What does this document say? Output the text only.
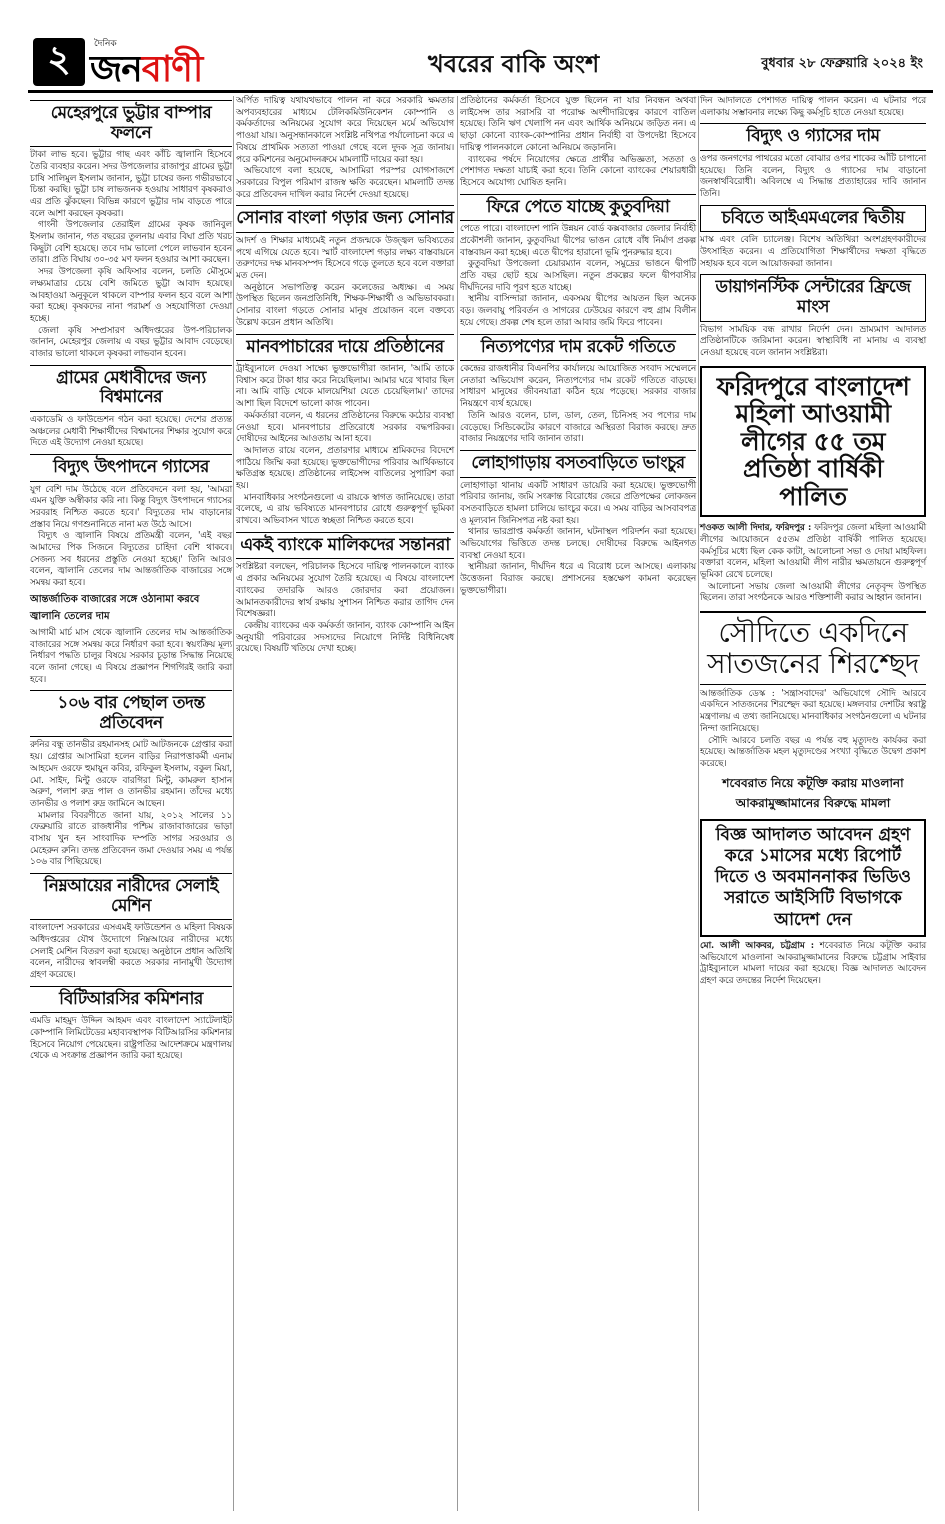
২	দৈনিক
জনবাণী	খবরের বাকি অংশ	বুধবার ২৮ ফেব্রুয়ারি ২০২৪ ইং
মেহেরপুরে ভুট্টার বাম্পার ফলনে

টাকা লাভ হবে। ভুট্টার গাছ এবং কাঁচি জ্বালানি হিসেবে তৈরি ব্যবহার করেন। সদর উপজেলার রাজাপুর গ্রামের ভুট্টা চাষি সালিমুল ইসলাম জানান, ভুট্টা চাষের জন্য গভীরভাবে চিন্তা করছি। ভুট্টা চাষ লাভজনক হওয়ায় সাধারণ কৃষকরাও এর প্রতি ঝুঁকছেন। বিভিন্ন কারণে ভুট্টার দাম বাড়তে পারে বলে আশা করছেন কৃষকরা।

গাংনী উপজেলার তেরাইল গ্রামের কৃষক জানিবুল ইসলাম জানান, গত বছরের তুলনায় এবার বিঘা প্রতি খরচ কিছুটা বেশি হয়েছে। তবে দাম ভালো পেলে লাভবান হবেন তারা। প্রতি বিঘায় ৩০-৩৫ মণ ফলন হওয়ার আশা করছেন।

সদর উপজেলা কৃষি অফিসার বলেন, চলতি মৌসুমে লক্ষ্যমাত্রার চেয়ে বেশি জমিতে ভুট্টা আবাদ হয়েছে। আবহাওয়া অনুকূলে থাকলে বাম্পার ফলন হবে বলে আশা করা হচ্ছে। কৃষকদের নানা পরামর্শ ও সহযোগিতা দেওয়া হচ্ছে।

জেলা কৃষি সম্প্রসারণ অধিদপ্তরের উপ-পরিচালক জানান, মেহেরপুর জেলায় এ বছর ভুট্টার আবাদ বেড়েছে। বাজার ভালো থাকলে কৃষকরা লাভবান হবেন।

গ্রামের মেধাবীদের জন্য বিশ্বমানের

একাডেমি ও ফাউন্ডেশন গঠন করা হয়েছে। দেশের প্রত্যন্ত অঞ্চলের মেধাবী শিক্ষার্থীদের বিশ্বমানের শিক্ষার সুযোগ করে দিতে এই উদ্যোগ নেওয়া হয়েছে।

বিদ্যুৎ উৎপাদনে গ্যাসের

যুগ বেশি দাম উঠেছে বলে প্রতিবেদনে বলা হয়, 'আমরা এমন যুক্তি অস্বীকার করি না। কিন্তু বিদ্যুৎ উৎপাদনে গ্যাসের সরবরাহ নিশ্চিত করতে হবে।' বিদ্যুতের দাম বাড়ানোর প্রস্তাব নিয়ে গণশুনানিতে নানা মত উঠে আসে।

বিদ্যুৎ ও জ্বালানি বিষয়ে প্রতিমন্ত্রী বলেন, 'এই বছর আমাদের পিক সিজনে বিদ্যুতের চাহিদা বেশি থাকবে। সেজন্য সব ধরনের প্রস্তুতি নেওয়া হচ্ছে।' তিনি আরও বলেন, জ্বালানি তেলের দাম আন্তর্জাতিক বাজারের সঙ্গে সমন্বয় করা হবে।

আন্তর্জাতিক বাজারের সঙ্গে ওঠানামা করবে জ্বালানি তেলের দাম

আগামী মার্চ মাস থেকে জ্বালানি তেলের দাম আন্তর্জাতিক বাজারের সঙ্গে সমন্বয় করে নির্ধারণ করা হবে। স্বয়ংক্রিয় মূল্য নির্ধারণ পদ্ধতি চালুর বিষয়ে সরকার চূড়ান্ত সিদ্ধান্ত নিয়েছে বলে জানা গেছে। এ বিষয়ে প্রজ্ঞাপন শিগগিরই জারি করা হবে।

১০৬ বার পেছাল তদন্ত প্রতিবেদন

রুনির বন্ধু তানভীর রহমানসহ মোট আটজনকে গ্রেপ্তার করা হয়। গ্রেপ্তার আসামিরা হলেন বাড়ির নিরাপত্তাকর্মী এনাম আহমেদ ওরফে হুমায়ুন কবির, রফিকুল ইসলাম, বকুল মিয়া, মো. সাইদ, মিন্টু ওরফে বারগিরা মিন্টু, কামরুল হাসান অরুণ, পলাশ রুদ্র পাল ও তানভীর রহমান। তাঁদের মধ্যে তানভীর ও পলাশ রুদ্র জামিনে আছেন।

মামলার বিবরণীতে জানা যায়, ২০১২ সালের ১১ ফেব্রুয়ারি রাতে রাজধানীর পশ্চিম রাজাবাজারের ভাড়া বাসায় খুন হন সাংবাদিক দম্পতি সাগর সরওয়ার ও মেহেরুন রুনি। তদন্ত প্রতিবেদন জমা দেওয়ার সময় এ পর্যন্ত ১০৬ বার পিছিয়েছে।

নিম্নআয়ের নারীদের সেলাই মেশিন

বাংলাদেশ সরকারের এসএমই ফাউন্ডেশন ও মহিলা বিষয়ক অধিদপ্তরের যৌথ উদ্যোগে নিম্নআয়ের নারীদের মধ্যে সেলাই মেশিন বিতরণ করা হয়েছে। অনুষ্ঠানে প্রধান অতিথি বলেন, নারীদের স্বাবলম্বী করতে সরকার নানামুখী উদ্যোগ গ্রহণ করেছে।

বিটিআরসির কমিশনার

এমডি মাহমুদ উদ্দিন আহমদ এবং বাংলাদেশ স্যাটেলাইট কোম্পানি লিমিটেডের মহাব্যবস্থাপক বিটিআরসির কমিশনার হিসেবে নিয়োগ পেয়েছেন। রাষ্ট্রপতির আদেশক্রমে মন্ত্রণালয় থেকে এ সংক্রান্ত প্রজ্ঞাপন জারি করা হয়েছে।

অর্পিত দায়িত্ব যথাযথভাবে পালন না করে সরকারি ক্ষমতার অপব্যবহারের মাধ্যমে টেলিকমিউনিকেশন কোম্পানি ও কর্মকর্তাদের অনিয়মের সুযোগ করে দিয়েছেন মর্মে অভিযোগ পাওয়া যায়। অনুসন্ধানকালে সংশ্লিষ্ট নথিপত্র পর্যালোচনা করে এ বিষয়ে প্রাথমিক সত্যতা পাওয়া গেছে বলে দুদক সূত্র জানায়। পরে কমিশনের অনুমোদনক্রমে মামলাটি দায়ের করা হয়।

অভিযোগে বলা হয়েছে, আসামিরা পরস্পর যোগসাজশে সরকারের বিপুল পরিমাণ রাজস্ব ক্ষতি করেছেন। মামলাটি তদন্ত করে প্রতিবেদন দাখিল করার নির্দেশ দেওয়া হয়েছে।

সোনার বাংলা গড়ার জন্য সোনার

আদর্শ ও শিক্ষার মাধ্যমেই নতুন প্রজন্মকে উজ্জ্বল ভবিষ্যতের পথে এগিয়ে যেতে হবে। স্মার্ট বাংলাদেশ গড়ার লক্ষ্য বাস্তবায়নে তরুণদের দক্ষ মানবসম্পদ হিসেবে গড়ে তুলতে হবে বলে বক্তারা মত দেন।

অনুষ্ঠানে সভাপতিত্ব করেন কলেজের অধ্যক্ষ। এ সময় উপস্থিত ছিলেন জনপ্রতিনিধি, শিক্ষক-শিক্ষার্থী ও অভিভাবকরা। সোনার বাংলা গড়তে সোনার মানুষ প্রয়োজন বলে বক্তব্যে উল্লেখ করেন প্রধান অতিথি।

মানবপাচারের দায়ে প্রতিষ্ঠানের

ট্রাইব্যুনালে দেওয়া সাক্ষ্যে ভুক্তভোগীরা জানান, 'আমি তাকে বিশ্বাস করে টাকা ধার করে নিয়েছিলাম। আমার ঘরে খাবার ছিল না। আমি বাড়ি থেকে মালয়েশিয়া যেতে চেয়েছিলাম।' তাদের আশা ছিল বিদেশে ভালো কাজ পাবেন।

কর্মকর্তারা বলেন, এ ধরনের প্রতিষ্ঠানের বিরুদ্ধে কঠোর ব্যবস্থা নেওয়া হবে। মানবপাচার প্রতিরোধে সরকার বদ্ধপরিকর। দোষীদের আইনের আওতায় আনা হবে।

আদালত রায়ে বলেন, প্রতারণার মাধ্যমে শ্রমিকদের বিদেশে পাঠিয়ে জিম্মি করা হয়েছে। ভুক্তভোগীদের পরিবার আর্থিকভাবে ক্ষতিগ্রস্ত হয়েছে। প্রতিষ্ঠানের লাইসেন্স বাতিলের সুপারিশ করা হয়।

মানবাধিকার সংগঠনগুলো এ রায়কে স্বাগত জানিয়েছে। তারা বলেছে, এ রায় ভবিষ্যতে মানবপাচার রোধে গুরুত্বপূর্ণ ভূমিকা রাখবে। অভিবাসন খাতে স্বচ্ছতা নিশ্চিত করতে হবে।

একই ব্যাংকে মালিকদের সন্তানরা

সংশ্লিষ্টরা বলছেন, পরিচালক হিসেবে দায়িত্ব পালনকালে ব্যাংক এ প্রকার অনিয়মের সুযোগ তৈরি হয়েছে। এ বিষয়ে বাংলাদেশ ব্যাংকের তদারকি আরও জোরদার করা প্রয়োজন। আমানতকারীদের স্বার্থ রক্ষায় সুশাসন নিশ্চিত করার তাগিদ দেন বিশেষজ্ঞরা।

কেন্দ্রীয় ব্যাংকের এক কর্মকর্তা জানান, ব্যাংক কোম্পানি আইন অনুযায়ী পরিবারের সদস্যদের নিয়োগে নির্দিষ্ট বিধিনিষেধ রয়েছে। বিষয়টি খতিয়ে দেখা হচ্ছে।

প্রতিষ্ঠানের কর্মকর্তা হিসেবে যুক্ত ছিলেন না যার নিবন্ধন অথবা লাইসেন্স তার সরাসরি বা পরোক্ষ অংশীদারিত্বের কারণে বাতিল হয়েছে। তিনি ঋণ খেলাপি নন এবং আর্থিক অনিয়মে জড়িত নন। এ ছাড়া কোনো ব্যাংক-কোম্পানির প্রধান নির্বাহী বা উপদেষ্টা হিসেবে দায়িত্ব পালনকালে কোনো অনিয়মে জড়াননি।

ব্যাংকের পর্ষদে নিয়োগের ক্ষেত্রে প্রার্থীর অভিজ্ঞতা, সততা ও পেশাগত দক্ষতা যাচাই করা হবে। তিনি কোনো ব্যাংকের শেয়ারধারী হিসেবে অযোগ্য ঘোষিত হননি।

ফিরে পেতে যাচ্ছে কুতুবদিয়া

পেতে পারে। বাংলাদেশ পানি উন্নয়ন বোর্ড কক্সবাজার জেলার নির্বাহী প্রকৌশলী জানান, কুতুবদিয়া দ্বীপের ভাঙন রোধে বাঁধ নির্মাণ প্রকল্প বাস্তবায়ন করা হচ্ছে। এতে দ্বীপের হারানো ভূমি পুনরুদ্ধার হবে।

কুতুবদিয়া উপজেলা চেয়ারম্যান বলেন, সমুদ্রের ভাঙনে দ্বীপটি প্রতি বছর ছোট হয়ে আসছিল। নতুন প্রকল্পের ফলে দ্বীপবাসীর দীর্ঘদিনের দাবি পূরণ হতে যাচ্ছে।

স্থানীয় বাসিন্দারা জানান, একসময় দ্বীপের আয়তন ছিল অনেক বড়। জলবায়ু পরিবর্তন ও সাগরের ঢেউয়ের কারণে বহু গ্রাম বিলীন হয়ে গেছে। প্রকল্প শেষ হলে তারা আবার জমি ফিরে পাবেন।

নিত্যপণ্যের দাম রকেট গতিতে

কেন্দ্রের রাজধানীর বিএনপির কার্যালয়ে আয়োজিত সংবাদ সম্মেলনে নেতারা অভিযোগ করেন, নিত্যপণ্যের দাম রকেট গতিতে বাড়ছে। সাধারণ মানুষের জীবনযাত্রা কঠিন হয়ে পড়েছে। সরকার বাজার নিয়ন্ত্রণে ব্যর্থ হয়েছে।

তিনি আরও বলেন, চাল, ডাল, তেল, চিনিসহ সব পণ্যের দাম বেড়েছে। সিন্ডিকেটের কারণে বাজারে অস্থিরতা বিরাজ করছে। দ্রুত বাজার নিয়ন্ত্রণের দাবি জানান তারা।

লোহাগাড়ায় বসতবাড়িতে ভাংচুর

লোহাগাড়া থানায় একটি সাধারণ ডায়েরি করা হয়েছে। ভুক্তভোগী পরিবার জানায়, জমি সংক্রান্ত বিরোধের জেরে প্রতিপক্ষের লোকজন বসতবাড়িতে হামলা চালিয়ে ভাংচুর করে। এ সময় বাড়ির আসবাবপত্র ও মূল্যবান জিনিসপত্র নষ্ট করা হয়।

থানার ভারপ্রাপ্ত কর্মকর্তা জানান, ঘটনাস্থল পরিদর্শন করা হয়েছে। অভিযোগের ভিত্তিতে তদন্ত চলছে। দোষীদের বিরুদ্ধে আইনগত ব্যবস্থা নেওয়া হবে।

স্থানীয়রা জানান, দীর্ঘদিন ধরে এ বিরোধ চলে আসছে। এলাকায় উত্তেজনা বিরাজ করছে। প্রশাসনের হস্তক্ষেপ কামনা করেছেন ভুক্তভোগীরা।

দিন আদালতে পেশাগত দায়িত্ব পালন করেন। এ ঘটনার পরে এলাকায় সম্ভাবনার লক্ষ্যে কিছু কর্মসূচি হাতে নেওয়া হয়েছে।

বিদ্যুৎ ও গ্যাসের দাম

ওপর জনগণের পাথরের মতো বোঝার ওপর শাকের আঁটি চাপানো হয়েছে। তিনি বলেন, বিদ্যুৎ ও গ্যাসের দাম বাড়ানো জনস্বার্থবিরোধী। অবিলম্বে এ সিদ্ধান্ত প্রত্যাহারের দাবি জানান তিনি।

চবিতে আইএমএলের দ্বিতীয়

মাস্ক এবং বেলি চ্যালেঞ্জ। বিশেষ অতিথিরা অংশগ্রহণকারীদের উৎসাহিত করেন। এ প্রতিযোগিতা শিক্ষার্থীদের দক্ষতা বৃদ্ধিতে সহায়ক হবে বলে আয়োজকরা জানান।

ডায়াগনস্টিক সেন্টারের ফ্রিজে মাংস

বিভাগ সাময়িক বন্ধ রাখার নির্দেশ দেন। ভ্রাম্যমাণ আদালত প্রতিষ্ঠানটিকে জরিমানা করেন। স্বাস্থ্যবিধি না মানায় এ ব্যবস্থা নেওয়া হয়েছে বলে জানান সংশ্লিষ্টরা।

ফরিদপুরে বাংলাদেশ মহিলা আওয়ামী লীগের ৫৫ তম প্রতিষ্ঠা বার্ষিকী পালিত

শওকত আলী দিদার, ফরিদপুর : ফরিদপুর জেলা মহিলা আওয়ামী লীগের আয়োজনে ৫৫তম প্রতিষ্ঠা বার্ষিকী পালিত হয়েছে। কর্মসূচির মধ্যে ছিল কেক কাটা, আলোচনা সভা ও দোয়া মাহফিল। বক্তারা বলেন, মহিলা আওয়ামী লীগ নারীর ক্ষমতায়নে গুরুত্বপূর্ণ ভূমিকা রেখে চলেছে।

আলোচনা সভায় জেলা আওয়ামী লীগের নেতৃবৃন্দ উপস্থিত ছিলেন। তারা সংগঠনকে আরও শক্তিশালী করার আহ্বান জানান।

সৌদিতে একদিনে সাতজনের শিরশ্ছেদ

আন্তর্জাতিক ডেস্ক : 'সন্ত্রাসবাদের' অভিযোগে সৌদি আরবে একদিনে সাতজনের শিরশ্ছেদ করা হয়েছে। মঙ্গলবার দেশটির স্বরাষ্ট্র মন্ত্রণালয় এ তথ্য জানিয়েছে। মানবাধিকার সংগঠনগুলো এ ঘটনার নিন্দা জানিয়েছে।

সৌদি আরবে চলতি বছর এ পর্যন্ত বহু মৃত্যুদণ্ড কার্যকর করা হয়েছে। আন্তর্জাতিক মহল মৃত্যুদণ্ডের সংখ্যা বৃদ্ধিতে উদ্বেগ প্রকাশ করেছে।

শবেবরাত নিয়ে কটূক্তি করায় মাওলানা আকরামুজ্জামানের বিরুদ্ধে মামলা
বিজ্ঞ আদালত আবেদন গ্রহণ করে ১মাসের মধ্যে রিপোর্ট দিতে ও অবমাননাকর ভিডিও সরাতে আইসিটি বিভাগকে আদেশ দেন

মো. আলী আকবর, চট্টগ্রাম : শবেবরাত নিয়ে কটূক্তি করার অভিযোগে মাওলানা আকরামুজ্জামানের বিরুদ্ধে চট্টগ্রাম সাইবার ট্রাইব্যুনালে মামলা দায়ের করা হয়েছে। বিজ্ঞ আদালত আবেদন গ্রহণ করে তদন্তের নির্দেশ দিয়েছেন।
